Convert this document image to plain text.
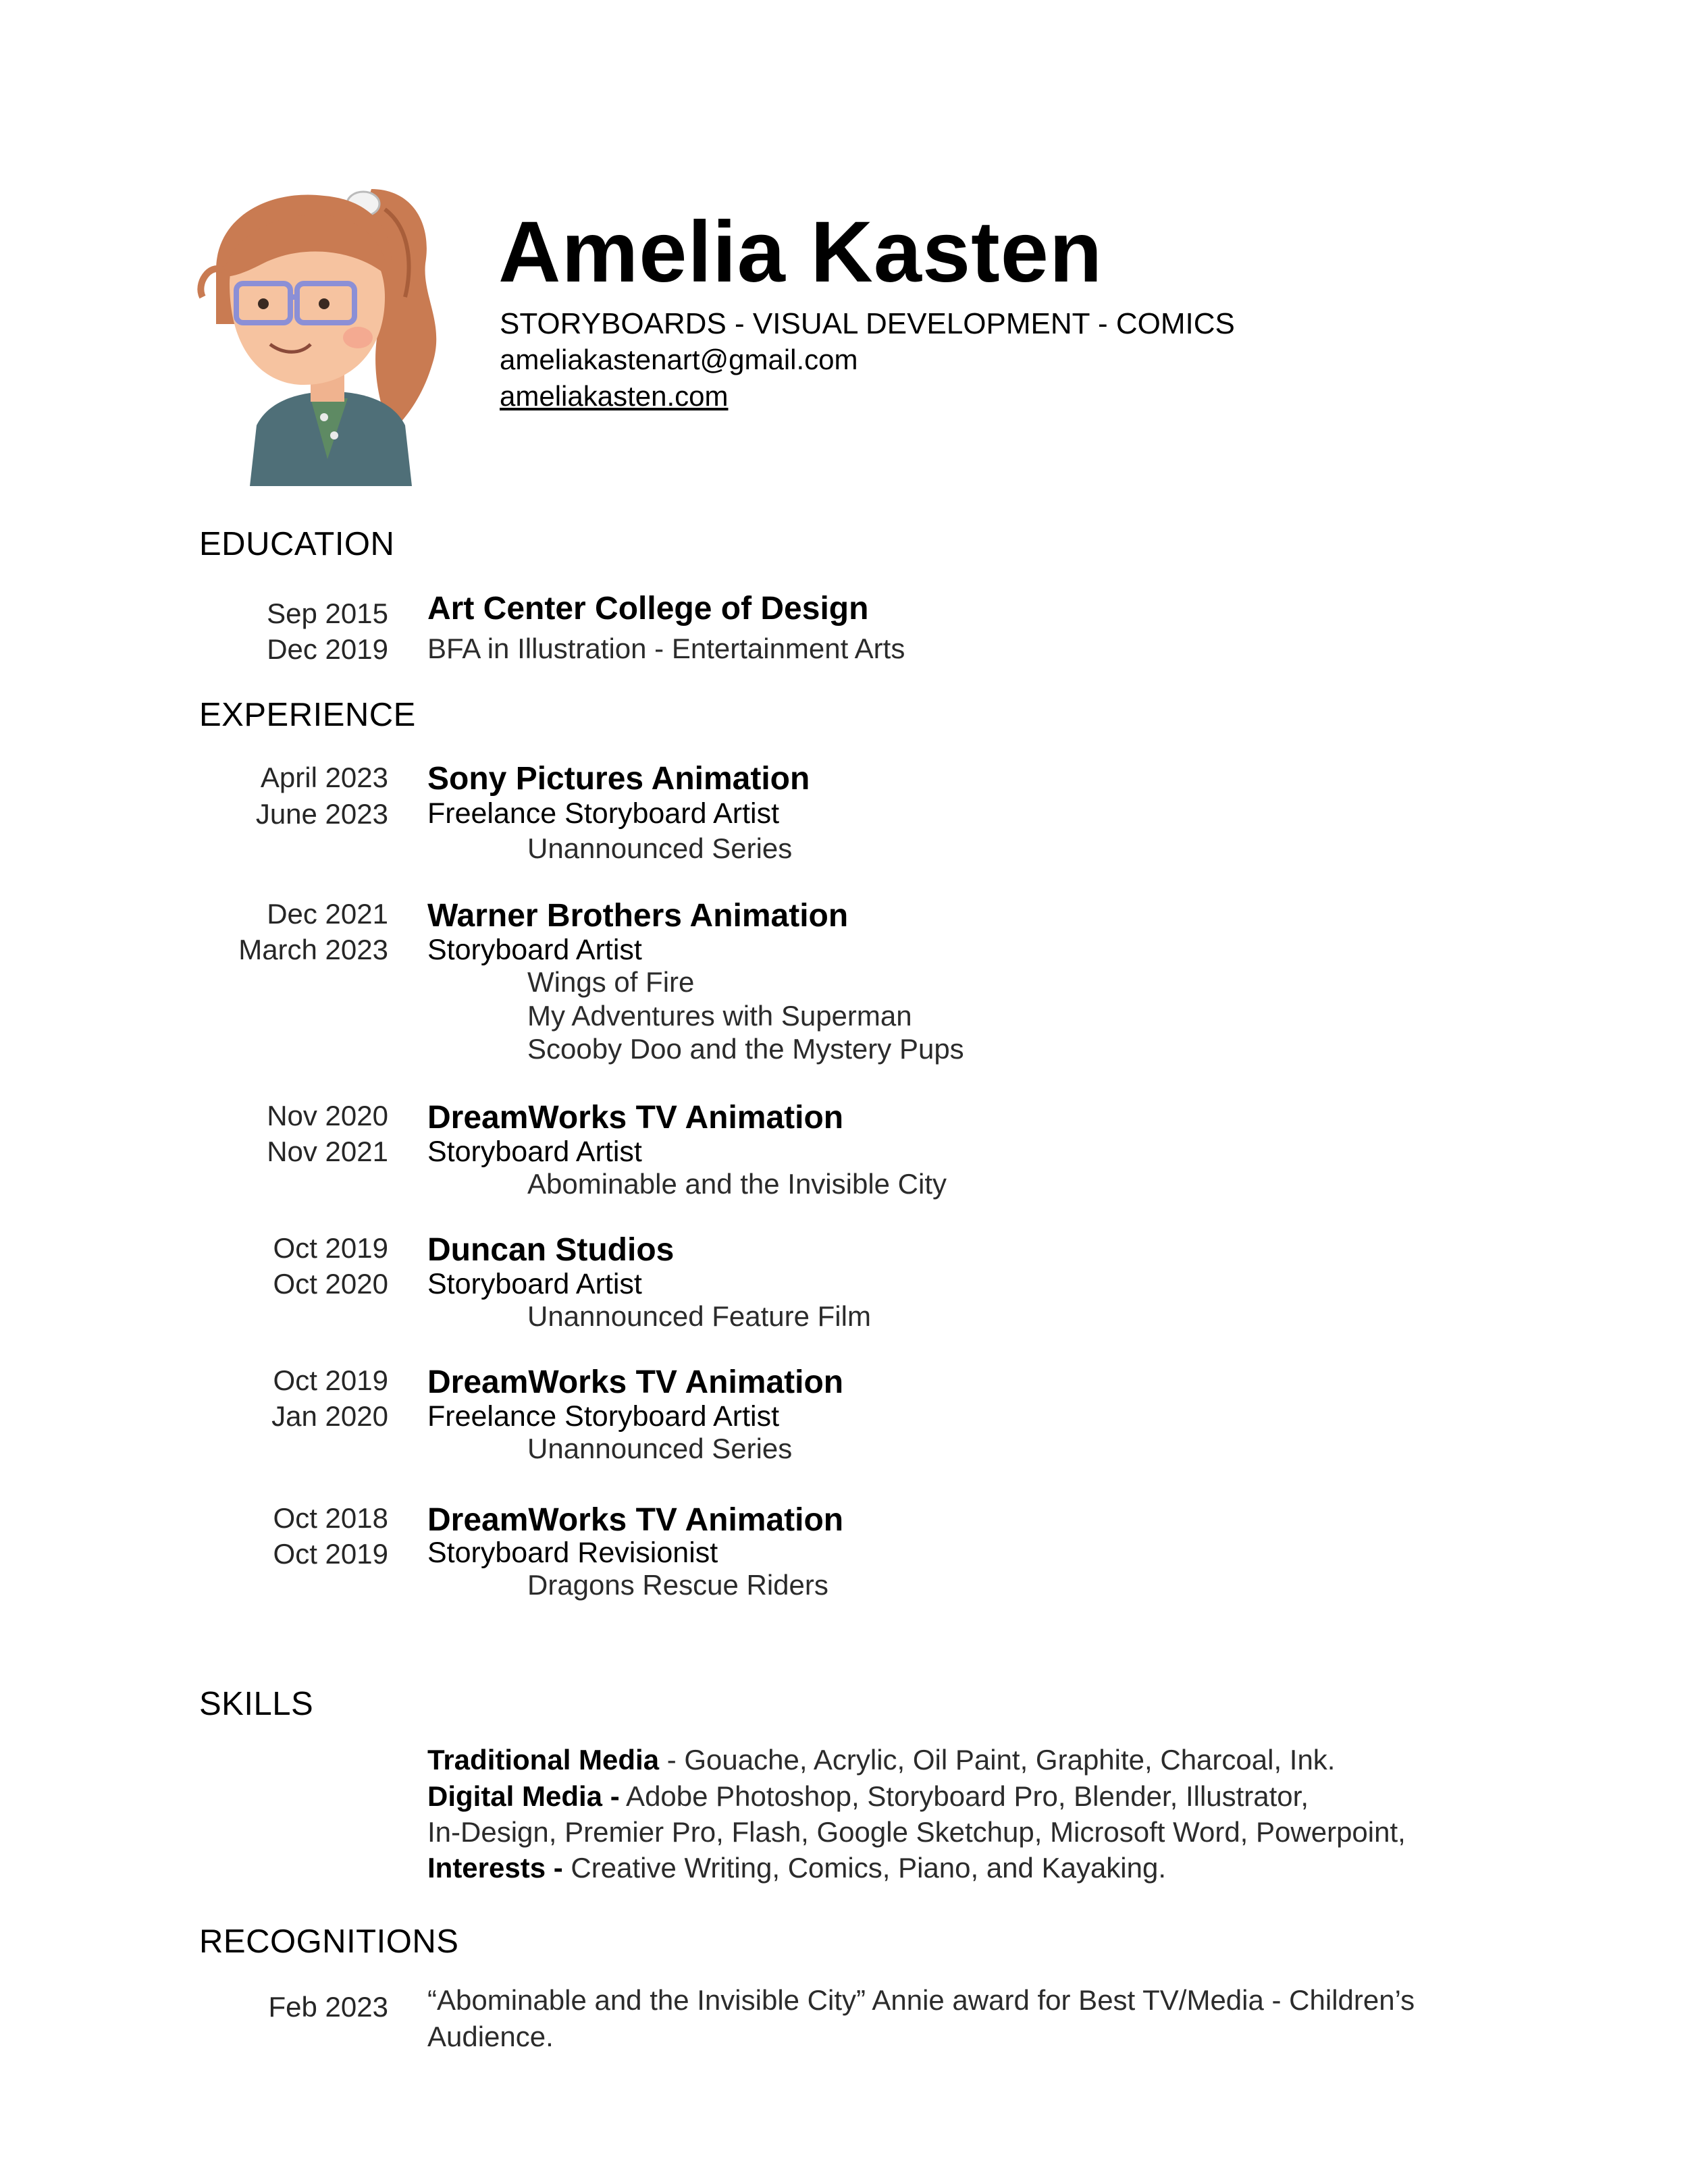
Amelia Kasten
STORYBOARDS - VISUAL DEVELOPMENT - COMICS
ameliakastenart@gmail.com
ameliakasten.com
EDUCATION
Sep 2015
Dec 2019
Art Center College of Design
BFA in Illustration - Entertainment Arts
EXPERIENCE
April 2023
June 2023
Sony Pictures Animation
Freelance Storyboard Artist
Unannounced Series
Dec 2021
March 2023
Warner Brothers Animation
Storyboard Artist
Wings of Fire
My Adventures with Superman
Scooby Doo and the Mystery Pups
Nov 2020
Nov 2021
DreamWorks TV Animation
Storyboard Artist
Abominable and the Invisible City
Oct 2019
Oct 2020
Duncan Studios
Storyboard Artist
Unannounced Feature Film
Oct 2019
Jan 2020
DreamWorks TV Animation
Freelance Storyboard Artist
Unannounced Series
Oct 2018
Oct 2019
DreamWorks TV Animation
Storyboard Revisionist
Dragons Rescue Riders
SKILLS
Traditional Media - Gouache, Acrylic, Oil Paint, Graphite, Charcoal, Ink.
Digital Media - Adobe Photoshop, Storyboard Pro, Blender, Illustrator,
In-Design, Premier Pro, Flash, Google Sketchup, Microsoft Word, Powerpoint,
Interests - Creative Writing, Comics, Piano, and Kayaking.
RECOGNITIONS
Feb 2023 “Abominable and the Invisible City” Annie award for Best TV/Media - Children’s
Audience.
